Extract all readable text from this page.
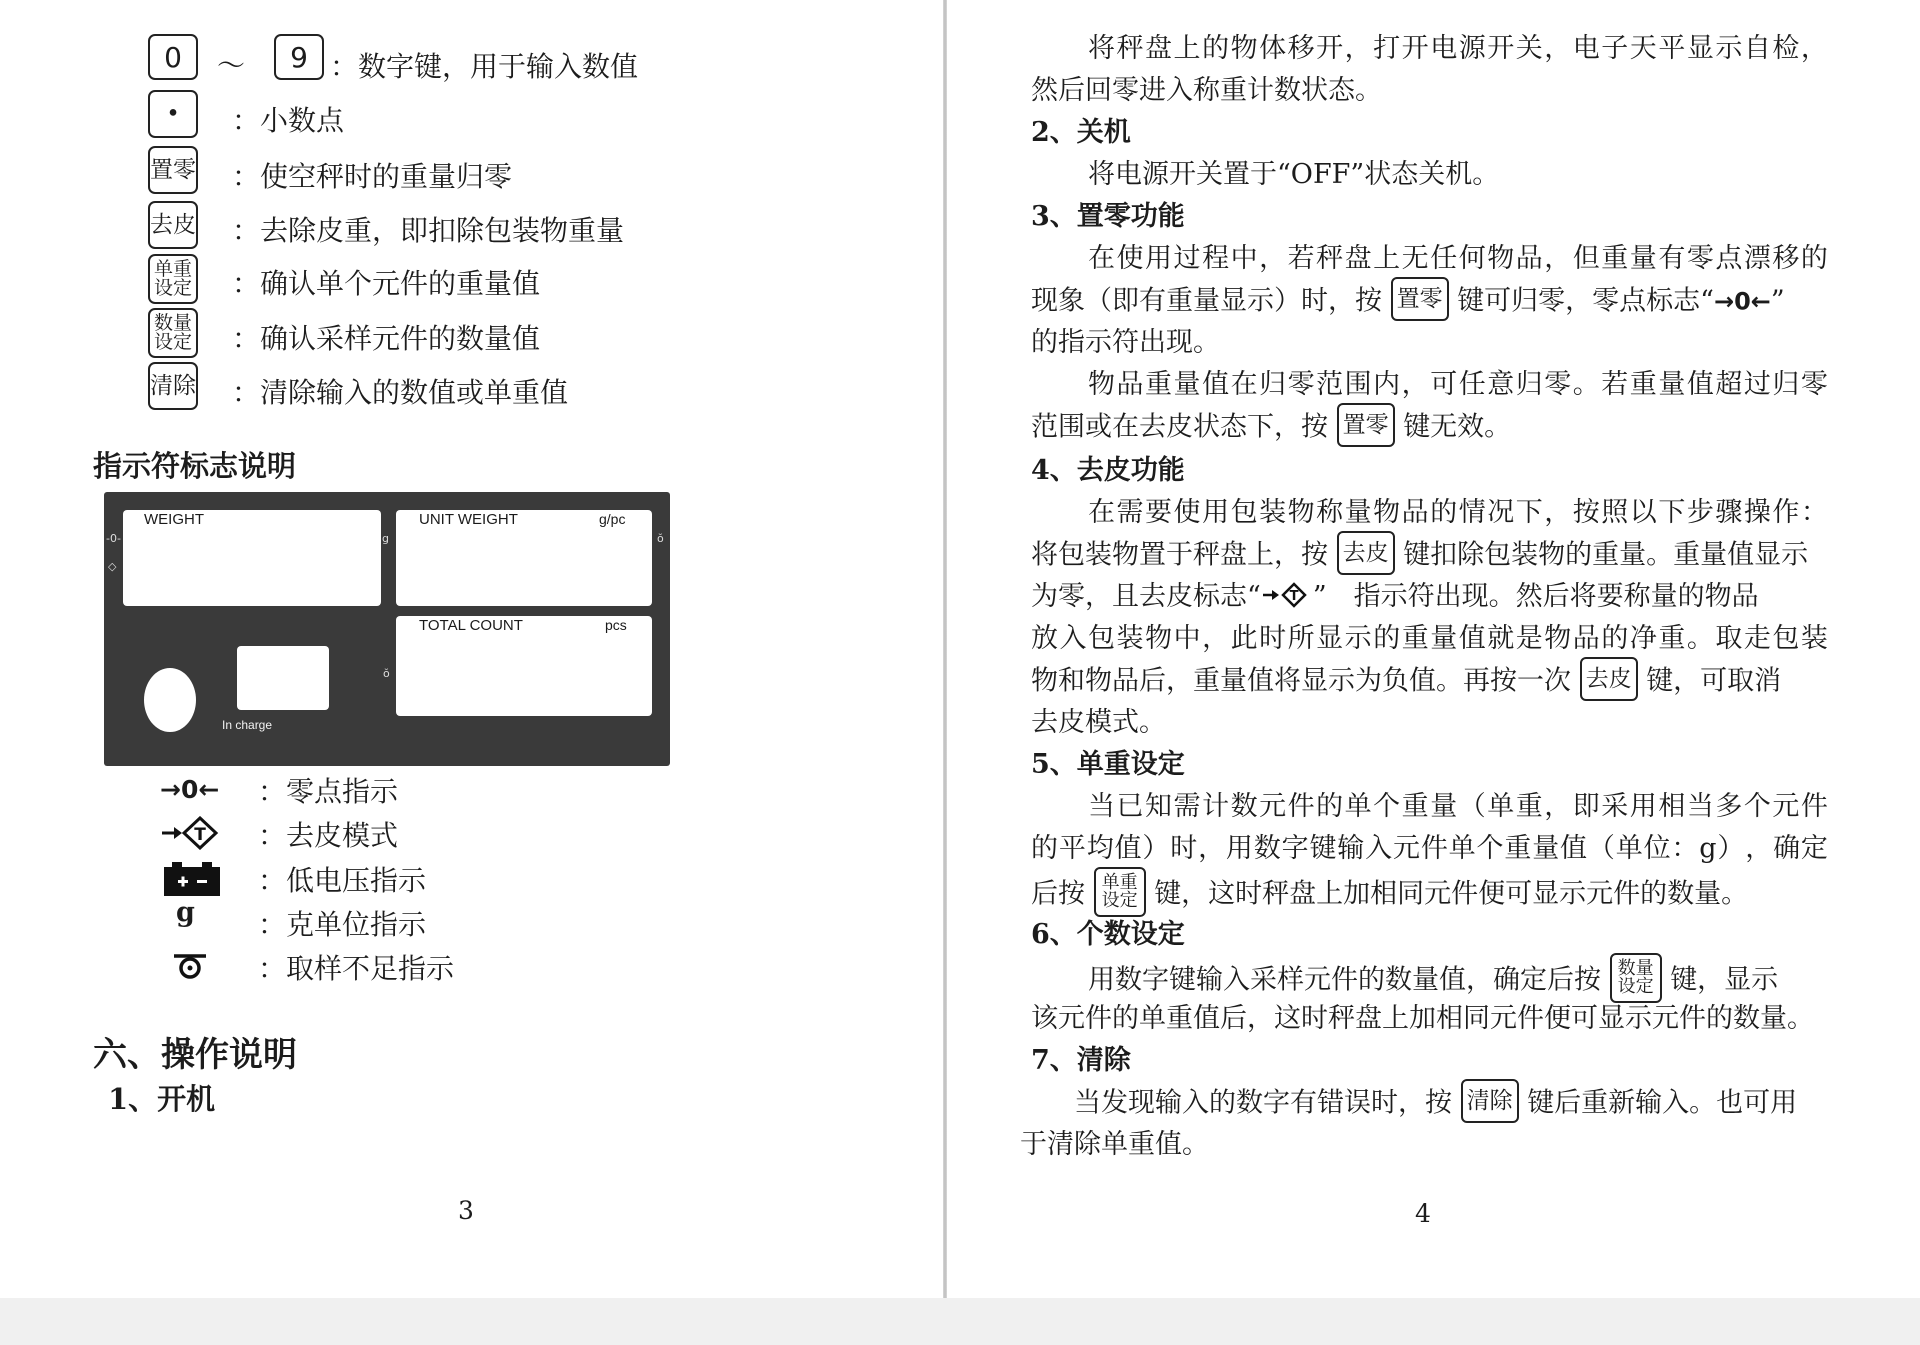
0	～	9 ：数字键，用于输入数值
•	：小数点
置零 ：使空秤时的重量归零
去皮 ：去除皮重，即扣除包装物重量
单重
设定 ：确认单个元件的重量值
数量
设定 ：确认采样元件的数量值
清除 ：清除输入的数值或单重值
指示符标志说明
WEIGHT	UNIT WEIGHT	g/pc
TOTAL COUNT	pcs
-0-
◇
g
ŏ
ŏ
In charge
→0← ：零点指示
T ：去皮模式
：低电压指示
g ：克单位指示
：取样不足指示
六、操作说明
1、开机
3
将 秤 盘 上 的 物 体 移 开 ， 打 开 电 源 开 关 ， 电 子 天 平 显 示 自 检 ，
然后回零进入称重计数状态。
2、关机
将电源开关置于“OFF”状态关机。
3、置零功能
在 使 用 过 程 中 ， 若 秤 盘 上 无 任 何 物 品 ， 但 重 量 有 零 点 漂 移 的
现象（即有重量显示）时，按 置零 键可归零，零点标志“→0←”
的指示符出现。
物 品 重 量 值 在 归 零 范 围 内 ， 可 任 意 归 零 。 若 重 量 值 超 过 归 零
范围或在去皮状态下，按 置零 键无效。
4、去皮功能
在 需 要 使 用 包 装 物 称 量 物 品 的 情 况 下 ， 按 照 以 下 步 骤 操 作 ：
将包装物置于秤盘上，按 去皮 键扣除包装物的重量。重量值显示
为零，且去皮标志“ T ”　指示符出现。然后将要称量的物品
放 入 包 装 物 中 ， 此 时 所 显 示 的 重 量 值 就 是 物 品 的 净 重 。 取 走 包 装
物和物品后，重量值将显示为负值。再按一次 去皮 键，可取消
去皮模式。
5、单重设定
当 已 知 需 计 数 元 件 的 单 个 重 量 （ 单 重 ， 即 采 用 相 当 多 个 元 件
的 平 均 值 ） 时 ， 用 数 字 键 输 入 元 件 单 个 重 量 值 （ 单 位 ： g ） ， 确 定
后按 单重
设定 键，这时秤盘上加相同元件便可显示元件的数量。
6、个数设定
用数字键输入采样元件的数量值，确定后按 数量
设定 键，显示
该元件的单重值后，这时秤盘上加相同元件便可显示元件的数量。
7、清除
当发现输入的数字有错误时，按 清除 键后重新输入。也可用
于清除单重值。
4
